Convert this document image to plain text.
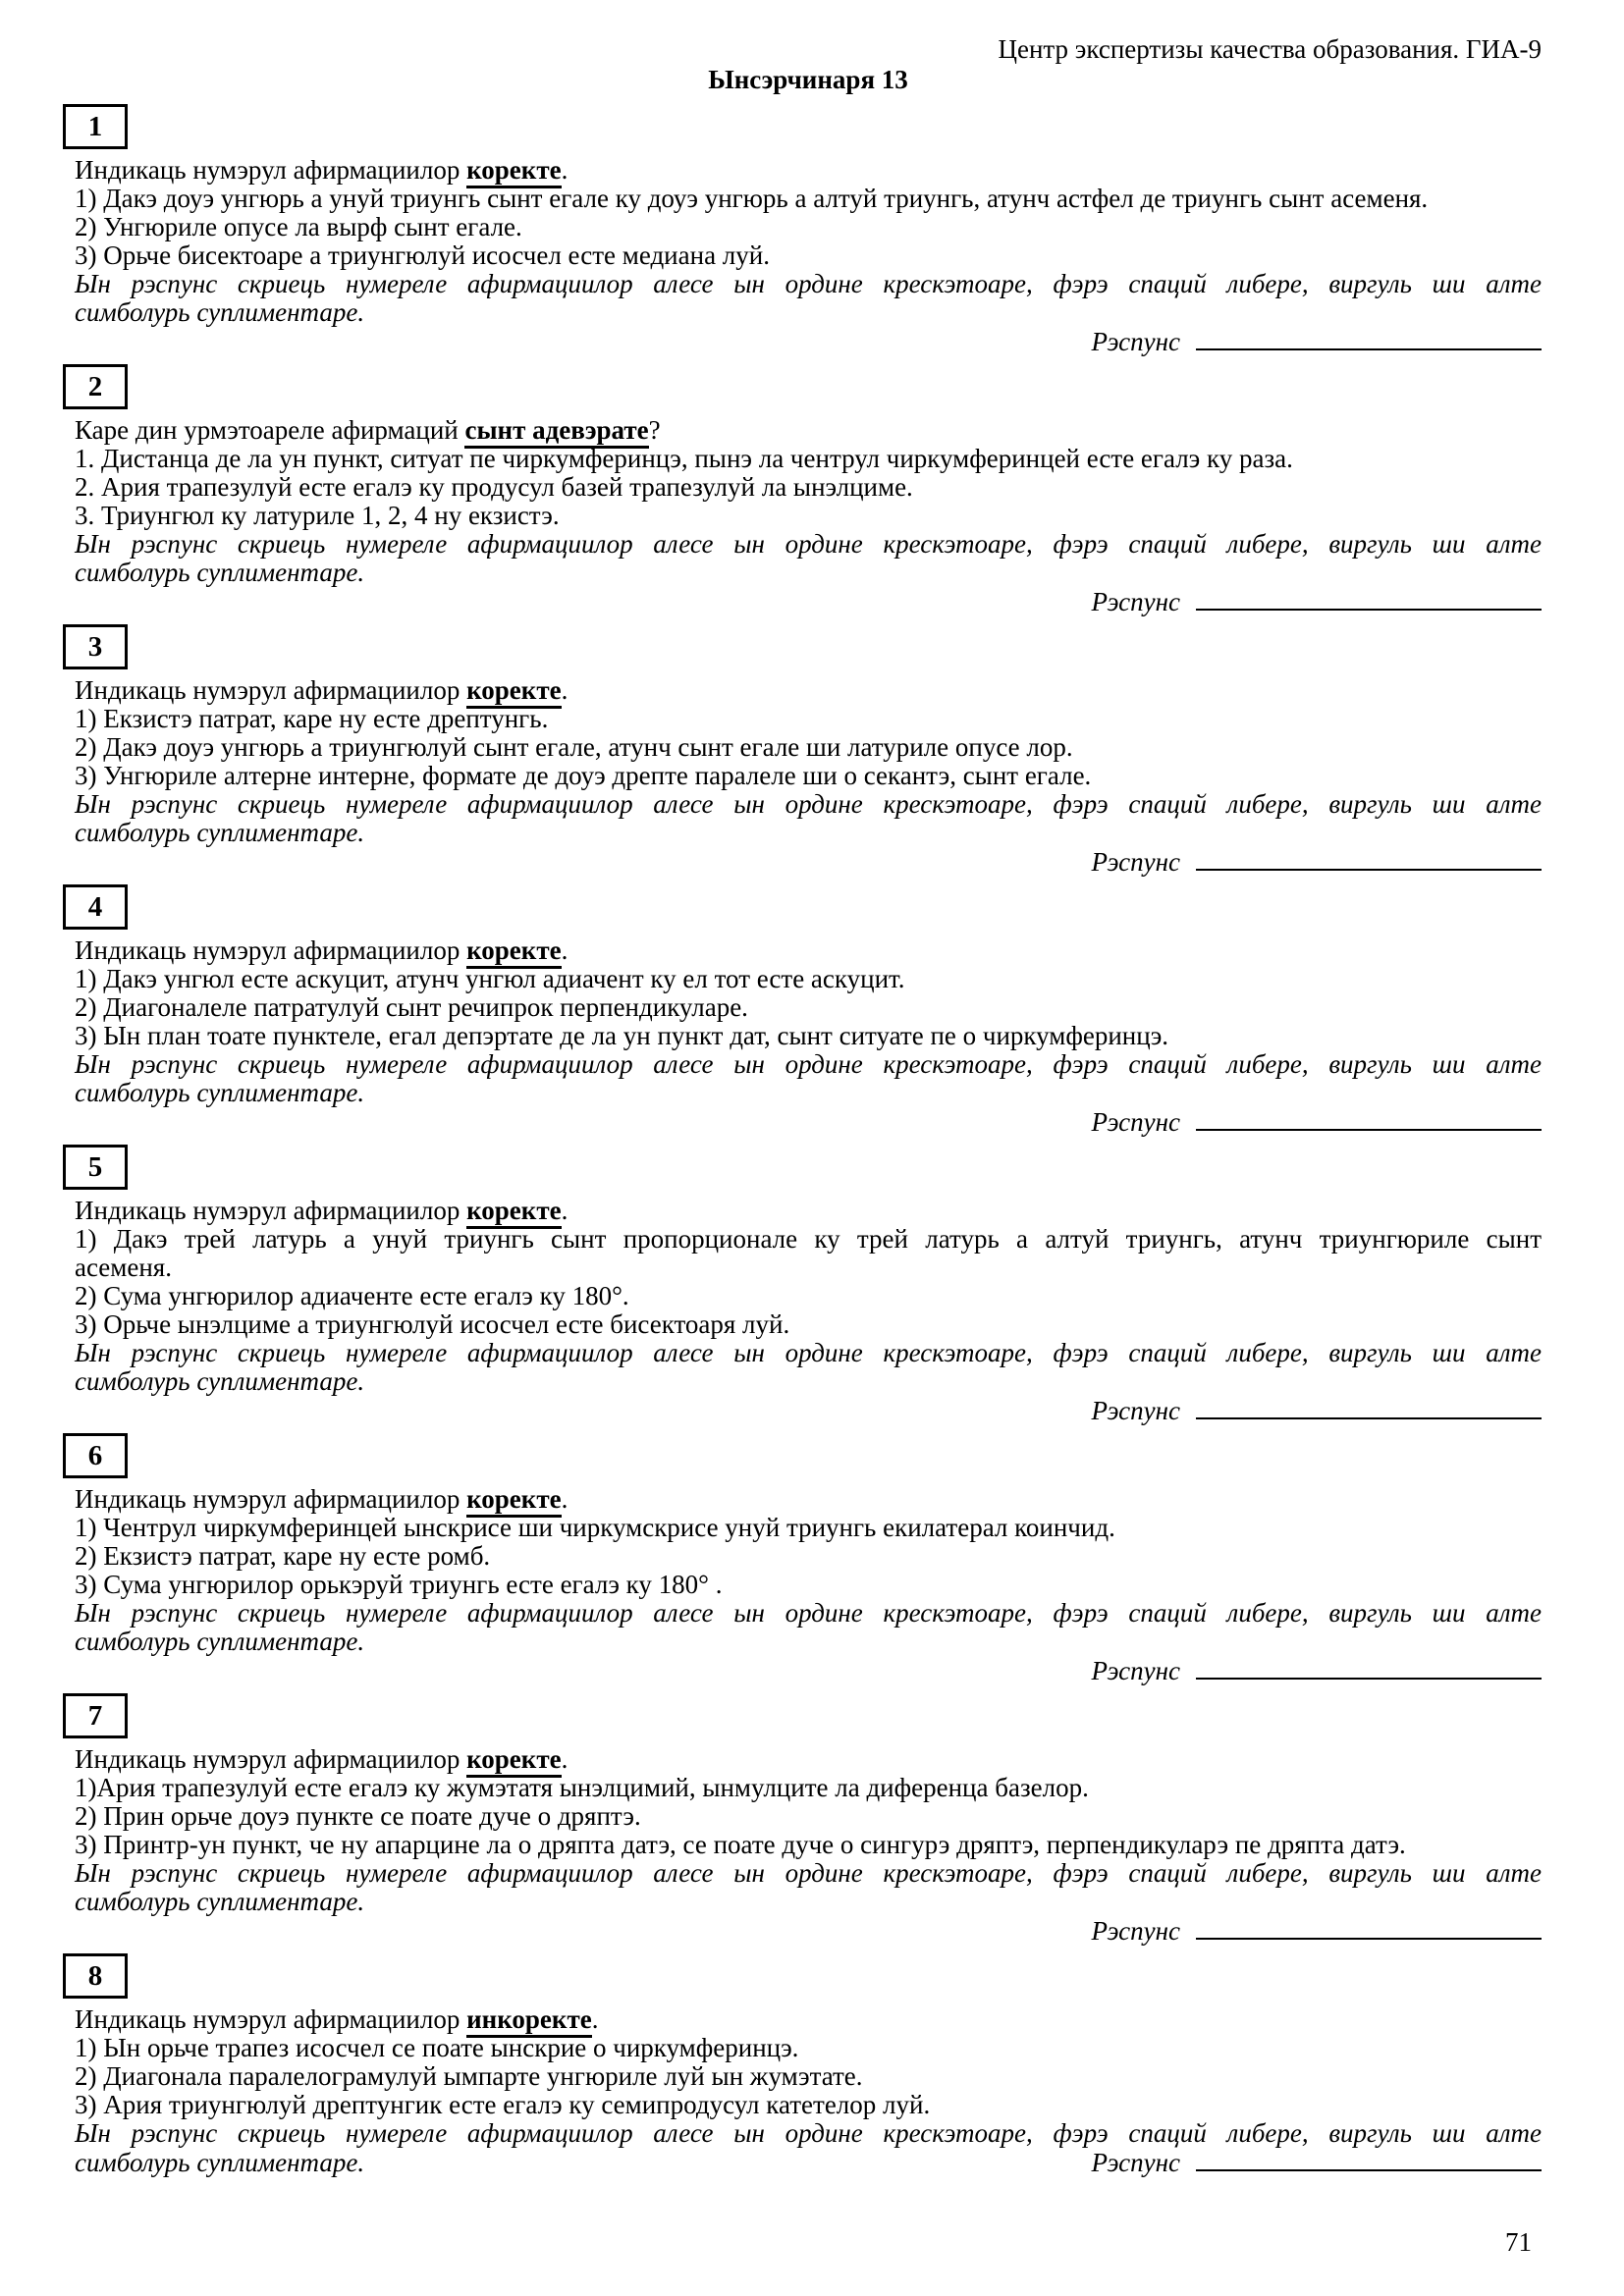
Центр экспертизы качества образования. ГИА-9
Ынсэрчинаря 13
1
Индикаць нумэрул афирмациилор коректе.
1) Дакэ доуэ унгюрь а унуй триунгь сынт егале ку доуэ унгюрь а алтуй триунгь, атунч астфел де триунгь сынт асеменя.
2) Унгюриле опусе ла вырф сынт егале.
3) Орьче бисектоаре а триунгюлуй исосчел есте медиана луй.
Ын рэспунс скриець нумереле афирмациилор алесе ын ордине крескэтоаре, фэрэ спаций либере, виргуль ши алте
симболурь суплиментаре.
Рэспунс
2
Каре дин урмэтоареле афирмаций сынт адевэрате?
1. Дистанца де ла ун пункт, ситуат пе чиркумферинцэ, пынэ ла чентрул чиркумферинцей есте егалэ ку раза.
2. Ария трапезулуй есте егалэ ку продусул базей трапезулуй ла ынэлциме.
3. Триунгюл ку латуриле 1, 2, 4 ну екзистэ.
Ын рэспунс скриець нумереле афирмациилор алесе ын ордине крескэтоаре, фэрэ спаций либере, виргуль ши алте
симболурь суплиментаре.
Рэспунс
3
Индикаць нумэрул афирмациилор коректе.
1) Екзистэ патрат, каре ну есте дрептунгь.
2) Дакэ доуэ унгюрь а триунгюлуй сынт егале, атунч сынт егале ши латуриле опусе лор.
3) Унгюриле алтерне интерне, формате де доуэ дрепте паралеле ши о секантэ, сынт егале.
Ын рэспунс скриець нумереле афирмациилор алесе ын ордине крескэтоаре, фэрэ спаций либере, виргуль ши алте
симболурь суплиментаре.
Рэспунс
4
Индикаць нумэрул афирмациилор коректе.
1) Дакэ унгюл есте аскуцит, атунч унгюл адиачент ку ел тот есте аскуцит.
2) Диагоналеле патратулуй сынт речипрок перпендикуларе.
3) Ын план тоате пунктеле, егал депэртате де ла ун пункт дат, сынт ситуате пе о чиркумферинцэ.
Ын рэспунс скриець нумереле афирмациилор алесе ын ордине крескэтоаре, фэрэ спаций либере, виргуль ши алте
симболурь суплиментаре.
Рэспунс
5
Индикаць нумэрул афирмациилор коректе.
1) Дакэ трей латурь а унуй триунгь сынт пропорционале ку трей латурь а алтуй триунгь, атунч триунгюриле сынт
асеменя.
2) Сума унгюрилор адиаченте есте егалэ ку 180°.
3) Орьче ынэлциме а триунгюлуй исосчел есте бисектоаря луй.
Ын рэспунс скриець нумереле афирмациилор алесе ын ордине крескэтоаре, фэрэ спаций либере, виргуль ши алте
симболурь суплиментаре.
Рэспунс
6
Индикаць нумэрул афирмациилор коректе.
1) Чентрул чиркумферинцей ынскрисе ши чиркумскрисе унуй триунгь екилатерал коинчид.
2) Екзистэ патрат, каре ну есте ромб.
3) Сума унгюрилор орькэруй триунгь есте егалэ ку 180° .
Ын рэспунс скриець нумереле афирмациилор алесе ын ордине крескэтоаре, фэрэ спаций либере, виргуль ши алте
симболурь суплиментаре.
Рэспунс
7
Индикаць нумэрул афирмациилор коректе.
1)Ария трапезулуй есте егалэ ку жумэтатя ынэлцимий, ынмулците ла диференца базелор.
2) Прин орьче доуэ пункте се поате дуче о дряптэ.
3) Принтр-ун пункт, че ну апарцине ла о дряпта датэ, се поате дуче о сингурэ дряптэ, перпендикуларэ пе дряпта датэ.
Ын рэспунс скриець нумереле афирмациилор алесе ын ордине крескэтоаре, фэрэ спаций либере, виргуль ши алте
симболурь суплиментаре.
Рэспунс
8
Индикаць нумэрул афирмациилор инкоректе.
1) Ын орьче трапез исосчел се поате ынскрие о чиркумферинцэ.
2) Диагонала паралелограмулуй ымпарте унгюриле луй ын жумэтате.
3) Ария триунгюлуй дрептунгик есте егалэ ку семипродусул катетелор луй.
Ын рэспунс скриець нумереле афирмациилор алесе ын ордине крескэтоаре, фэрэ спаций либере, виргуль ши алте
симболурь суплиментаре.	Рэспунс
71
